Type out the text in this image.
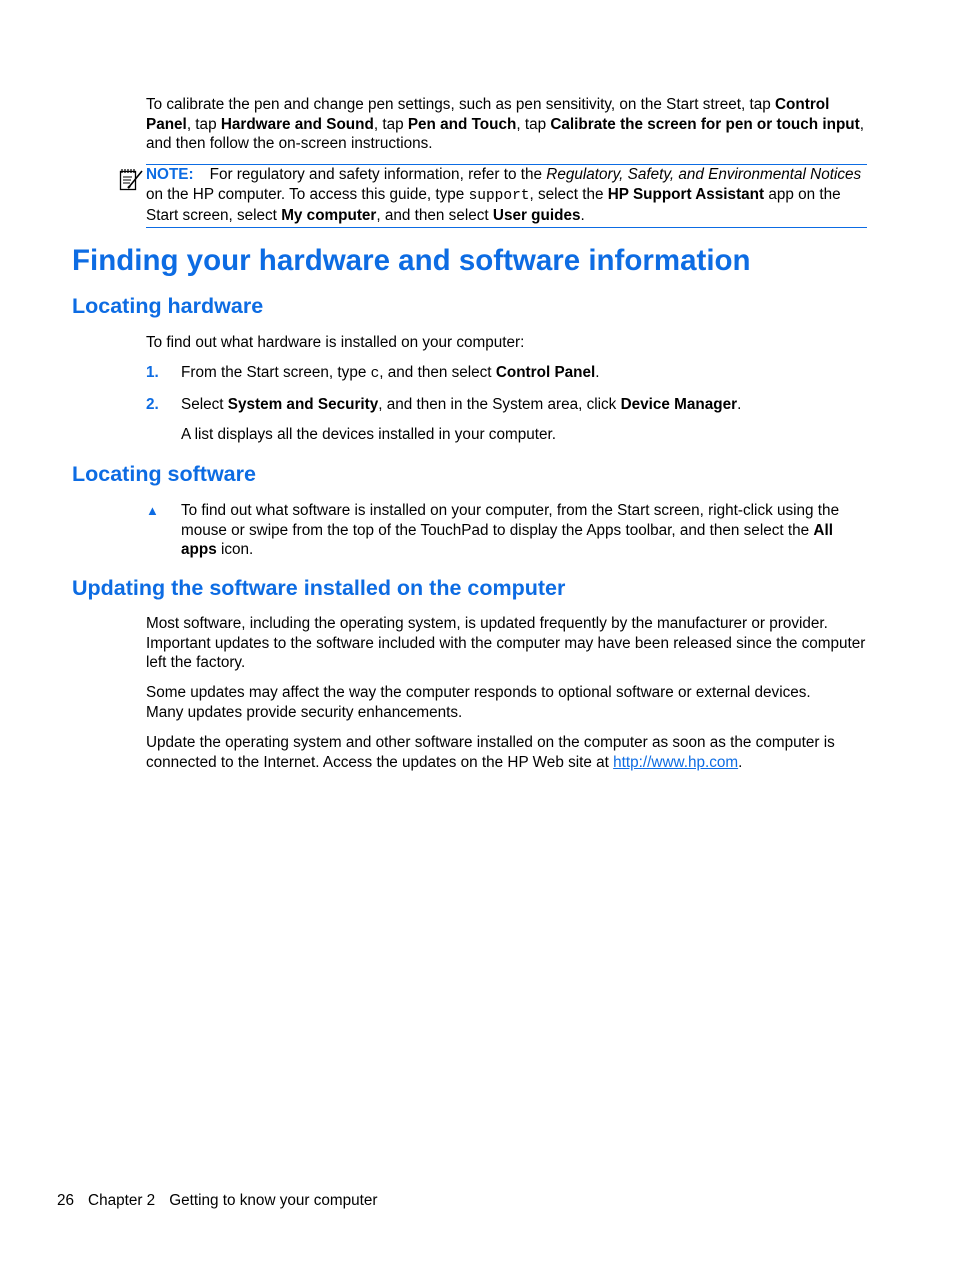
To calibrate the pen and change pen settings, such as pen sensitivity, on the Start street, tap Control Panel, tap Hardware and Sound, tap Pen and Touch, tap Calibrate the screen for pen or touch input, and then follow the on-screen instructions.

NOTE: For regulatory and safety information, refer to the Regulatory, Safety, and Environmental Notices on the HP computer. To access this guide, type support, select the HP Support Assistant app on the Start screen, select My computer, and then select User guides.

Finding your hardware and software information
Locating hardware

To find out what hardware is installed on your computer:

1.	From the Start screen, type c, and then select Control Panel.

2.	Select System and Security, and then in the System area, click Device Manager.

A list displays all the devices installed in your computer.

Locating software
▲	To find out what software is installed on your computer, from the Start screen, right-click using the mouse or swipe from the top of the TouchPad to display the Apps toolbar, and then select the All apps icon.

Updating the software installed on the computer

Most software, including the operating system, is updated frequently by the manufacturer or provider. Important updates to the software included with the computer may have been released since the computer left the factory.

Some updates may affect the way the computer responds to optional software or external devices. Many updates provide security enhancements.

Update the operating system and other software installed on the computer as soon as the computer is connected to the Internet. Access the updates on the HP Web site at http://www.hp.com.

26 Chapter 2 Getting to know your computer
